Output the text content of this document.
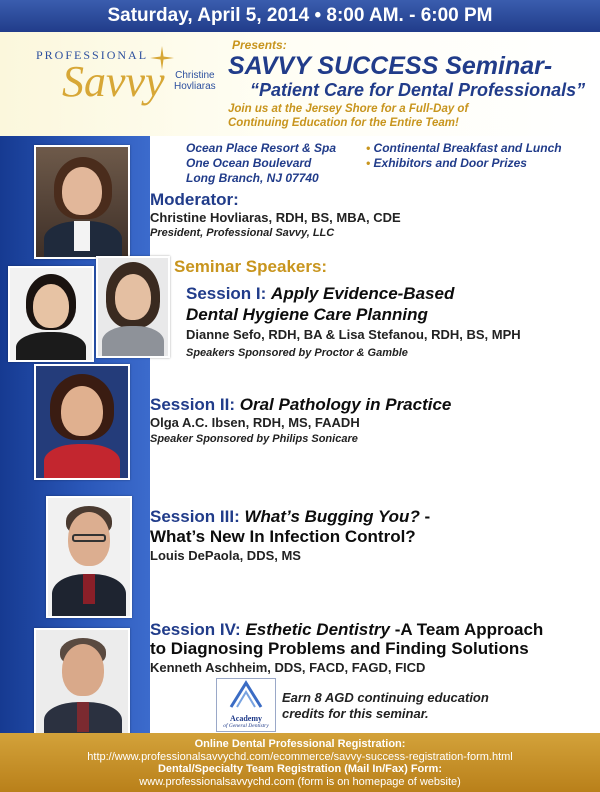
Saturday, April 5, 2014 • 8:00 AM. - 6:00 PM
PROFESSIONAL
Savvy Christine
Hovliaras
Presents:
SAVVY SUCCESS Seminar-
“Patient Care for Dental Professionals”
Join us at the Jersey Shore for a Full-Day of
Continuing Education for the Entire Team!
Ocean Place Resort & Spa
One Ocean Boulevard
Long Branch, NJ 07740
• Continental Breakfast and Lunch
• Exhibitors and Door Prizes
Moderator:
Christine Hovliaras, RDH, BS, MBA, CDE
President, Professional Savvy, LLC
Seminar Speakers:
Session I: Apply Evidence-Based
Dental Hygiene Care Planning
Dianne Sefo, RDH, BA & Lisa Stefanou, RDH, BS, MPH
Speakers Sponsored by Proctor & Gamble
Session II: Oral Pathology in Practice
Olga A.C. Ibsen, RDH, MS, FAADH
Speaker Sponsored by Philips Sonicare
Session III: What’s Bugging You? -
What’s New In Infection Control?
Louis DePaola, DDS, MS
Session IV: Esthetic Dentistry -A Team Approach
to Diagnosing Problems and Finding Solutions
Kenneth Aschheim, DDS, FACD, FAGD, FICD
Academy
of General Dentistry
Earn 8 AGD continuing education
credits for this seminar.
Online Dental Professional Registration:
http://www.professionalsavvychd.com/ecommerce/savvy-success-registration-form.html
Dental/Specialty Team Registration (Mail In/Fax) Form:
www.professionalsavvychd.com (form is on homepage of website)
